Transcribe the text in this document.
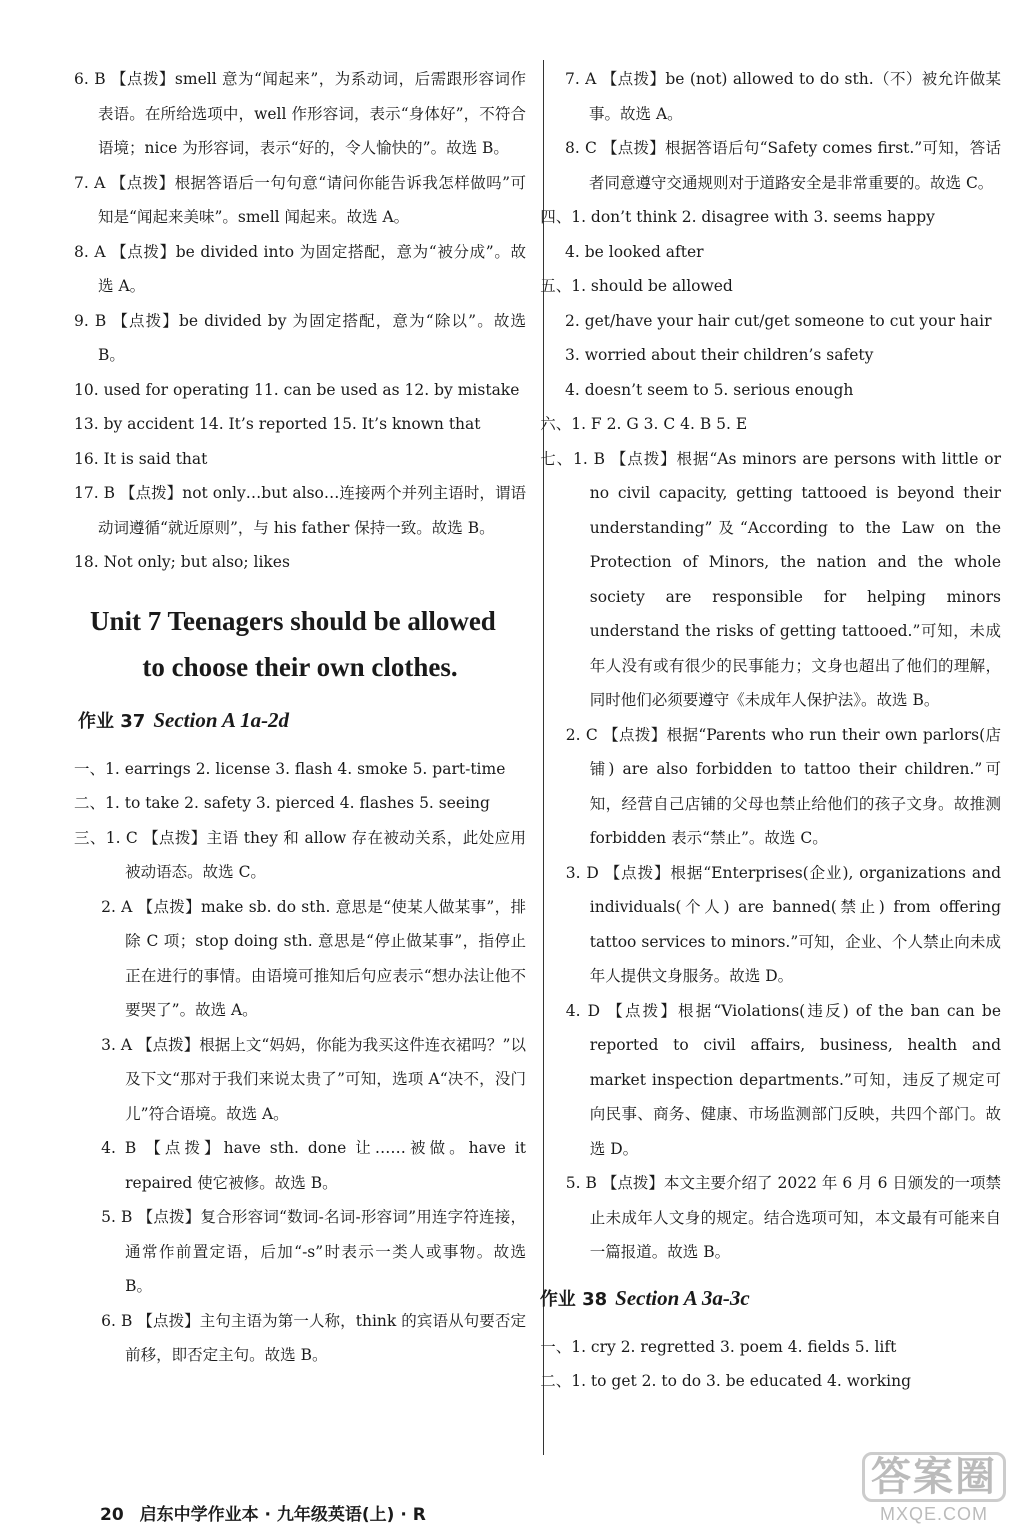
6. B 【点拨】smell 意为“闻起来”，为系动词，后需跟形容词作表语。在所给选项中，well 作形容词，表示“身体好”，不符合语境；nice 为形容词，表示“好的，令人愉快的”。故选 B。

7. A 【点拨】根据答语后一句句意“请问你能告诉我怎样做吗”可知是“闻起来美味”。smell 闻起来。故选 A。

8. A 【点拨】be divided into 为固定搭配，意为“被分成”。故选 A。

9. B 【点拨】be divided by 为固定搭配，意为“除以”。故选 B。

10. used for operating 11. can be used as 12. by mistake

13. by accident 14. It’s reported 15. It’s known that

16. It is said that

17. B 【点拨】not only…but also…连接两个并列主语时，谓语动词遵循“就近原则”，与 his father 保持一致。故选 B。

18. Not only; but also; likes

Unit 7 Teenagers should be allowed
to choose their own clothes.
作业 37 Section A 1a-2d

一、1. earrings 2. license 3. flash 4. smoke 5. part-time

二、1. to take 2. safety 3. pierced 4. flashes 5. seeing

三、1. C 【点拨】主语 they 和 allow 存在被动关系，此处应用被动语态。故选 C。

2. A 【点拨】make sb. do sth. 意思是“使某人做某事”，排除 C 项；stop doing sth. 意思是“停止做某事”，指停止正在进行的事情。由语境可推知后句应表示“想办法让他不要哭了”。故选 A。

3. A 【点拨】根据上文“妈妈，你能为我买这件连衣裙吗？”以及下文“那对于我们来说太贵了”可知，选项 A“决不，没门儿”符合语境。故选 A。

4. B 【点拨】have sth. done 让……被做。have it repaired 使它被修。故选 B。

5. B 【点拨】复合形容词“数词-名词-形容词”用连字符连接，通常作前置定语，后加“-s”时表示一类人或事物。故选 B。

6. B 【点拨】主句主语为第一人称，think 的宾语从句要否定前移，即否定主句。故选 B。

7. A 【点拨】be (not) allowed to do sth.（不）被允许做某事。故选 A。

8. C 【点拨】根据答语后句“Safety comes first.”可知，答话者同意遵守交通规则对于道路安全是非常重要的。故选 C。

四、1. don’t think 2. disagree with 3. seems happy

4. be looked after

五、1. should be allowed

2. get/have your hair cut/get someone to cut your hair

3. worried about their children’s safety

4. doesn’t seem to 5. serious enough

六、1. F 2. G 3. C 4. B 5. E

七、1. B 【点拨】根据“As minors are persons with little or no civil capacity, getting tattooed is beyond their understanding”及“According to the Law on the Protection of Minors, the nation and the whole society are responsible for helping minors understand the risks of getting tattooed.”可知，未成年人没有或有很少的民事能力；文身也超出了他们的理解，同时他们必须要遵守《未成年人保护法》。故选 B。

2. C 【点拨】根据“Parents who run their own parlors(店铺) are also forbidden to tattoo their children.”可知，经营自己店铺的父母也禁止给他们的孩子文身。故推测 forbidden 表示“禁止”。故选 C。

3. D 【点拨】根据“Enterprises(企业), organizations and individuals(个人) are banned(禁止) from offering tattoo services to minors.”可知，企业、个人禁止向未成年人提供文身服务。故选 D。

4. D 【点拨】根据“Violations(违反) of the ban can be reported to civil affairs, business, health and market inspection departments.”可知，违反了规定可向民事、商务、健康、市场监测部门反映，共四个部门。故选 D。

5. B 【点拨】本文主要介绍了 2022 年 6 月 6 日颁发的一项禁止未成年人文身的规定。结合选项可知，本文最有可能来自一篇报道。故选 B。

作业 38 Section A 3a-3c

一、1. cry 2. regretted 3. poem 4. fields 5. lift

二、1. to get 2. to do 3. be educated 4. working

20 启东中学作业本 · 九年级英语(上) · R
答案圈
MXQE.COM
